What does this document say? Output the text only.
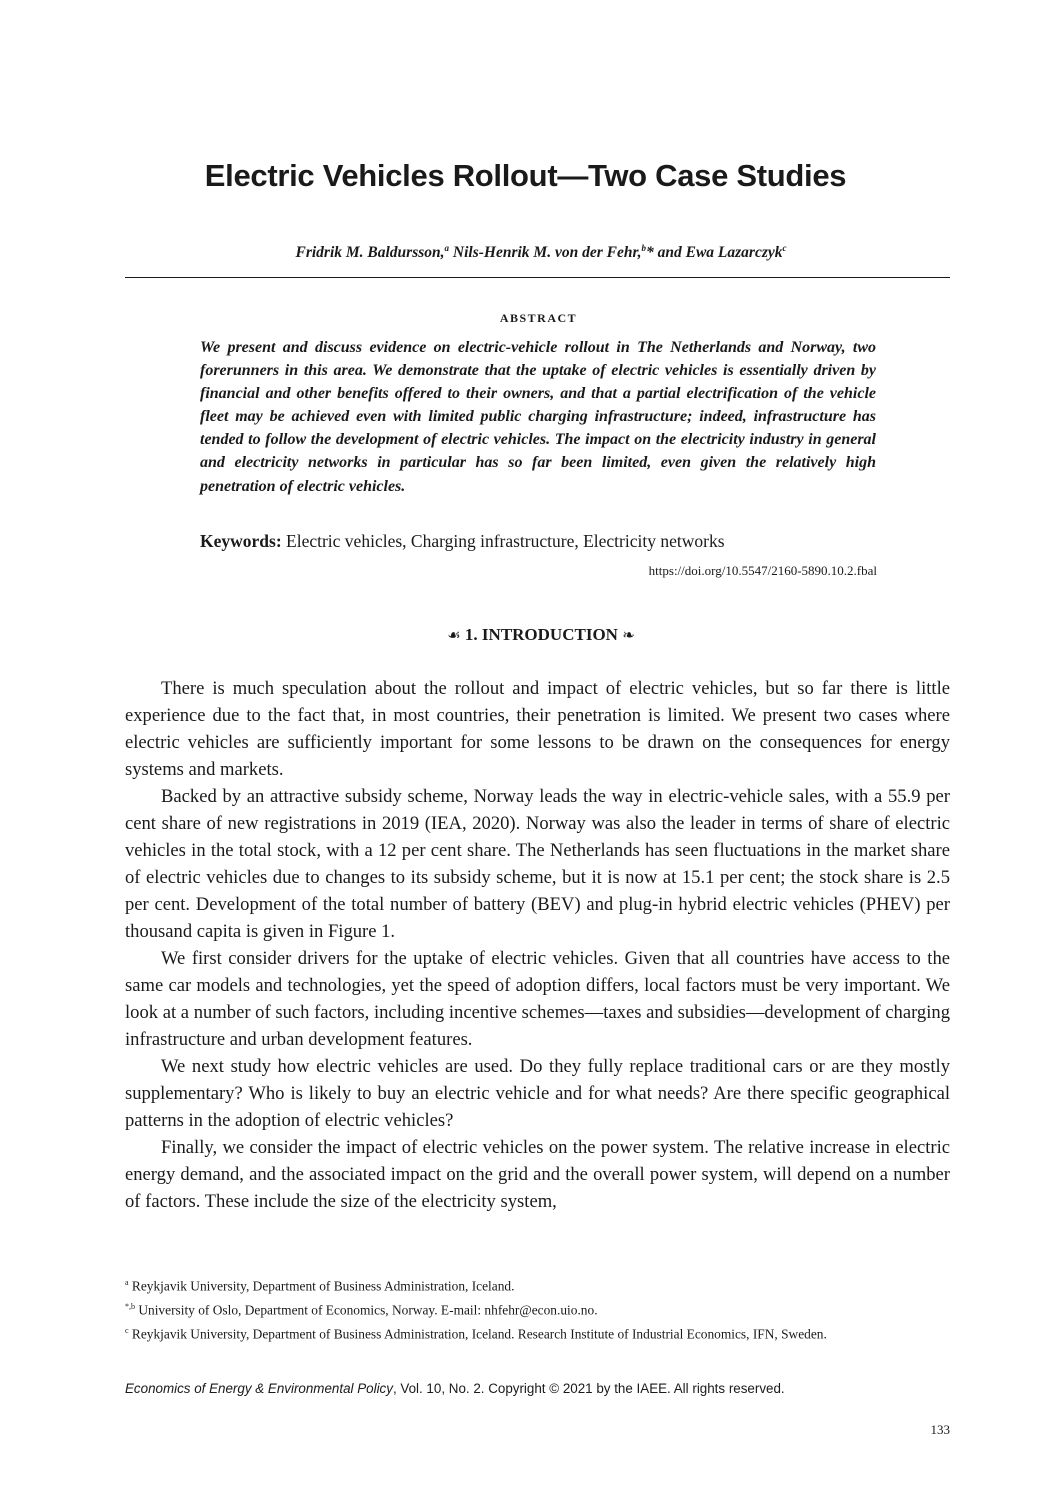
Electric Vehicles Rollout—Two Case Studies
Fridrik M. Baldursson,$^a$ Nils-Henrik M. von der Fehr,$^b$* and Ewa Lazarczyk$^c$
ABSTRACT
We present and discuss evidence on electric-vehicle rollout in The Netherlands and Norway, two forerunners in this area. We demonstrate that the uptake of electric vehicles is essentially driven by financial and other benefits offered to their owners, and that a partial electrification of the vehicle fleet may be achieved even with limited public charging infrastructure; indeed, infrastructure has tended to follow the development of electric vehicles. The impact on the electricity industry in general and electricity networks in particular has so far been limited, even given the relatively high penetration of electric vehicles.
Keywords: Electric vehicles, Charging infrastructure, Electricity networks
https://doi.org/10.5547/2160-5890.10.2.fbal
☙ 1. INTRODUCTION ❧

There is much speculation about the rollout and impact of electric vehicles, but so far there is little experience due to the fact that, in most countries, their penetration is limited. We present two cases where electric vehicles are sufficiently important for some lessons to be drawn on the consequences for energy systems and markets.

Backed by an attractive subsidy scheme, Norway leads the way in electric-vehicle sales, with a 55.9 per cent share of new registrations in 2019 (IEA, 2020). Norway was also the leader in terms of share of electric vehicles in the total stock, with a 12 per cent share. The Netherlands has seen fluctuations in the market share of electric vehicles due to changes to its subsidy scheme, but it is now at 15.1 per cent; the stock share is 2.5 per cent. Development of the total number of battery (BEV) and plug-in hybrid electric vehicles (PHEV) per thousand capita is given in Figure 1.

We first consider drivers for the uptake of electric vehicles. Given that all countries have access to the same car models and technologies, yet the speed of adoption differs, local factors must be very important. We look at a number of such factors, including incentive schemes—taxes and subsidies—development of charging infrastructure and urban development features.

We next study how electric vehicles are used. Do they fully replace traditional cars or are they mostly supplementary? Who is likely to buy an electric vehicle and for what needs? Are there specific geographical patterns in the adoption of electric vehicles?

Finally, we consider the impact of electric vehicles on the power system. The relative increase in electric energy demand, and the associated impact on the grid and the overall power system, will depend on a number of factors. These include the size of the electricity system,

$^a$ Reykjavik University, Department of Business Administration, Iceland.

$^{*,b}$ University of Oslo, Department of Economics, Norway. E-mail: nhfehr@econ.uio.no.

$^c$ Reykjavik University, Department of Business Administration, Iceland. Research Institute of Industrial Economics, IFN, Sweden.

Economics of Energy & Environmental Policy, Vol. 10, No. 2. Copyright © 2021 by the IAEE. All rights reserved.
133
